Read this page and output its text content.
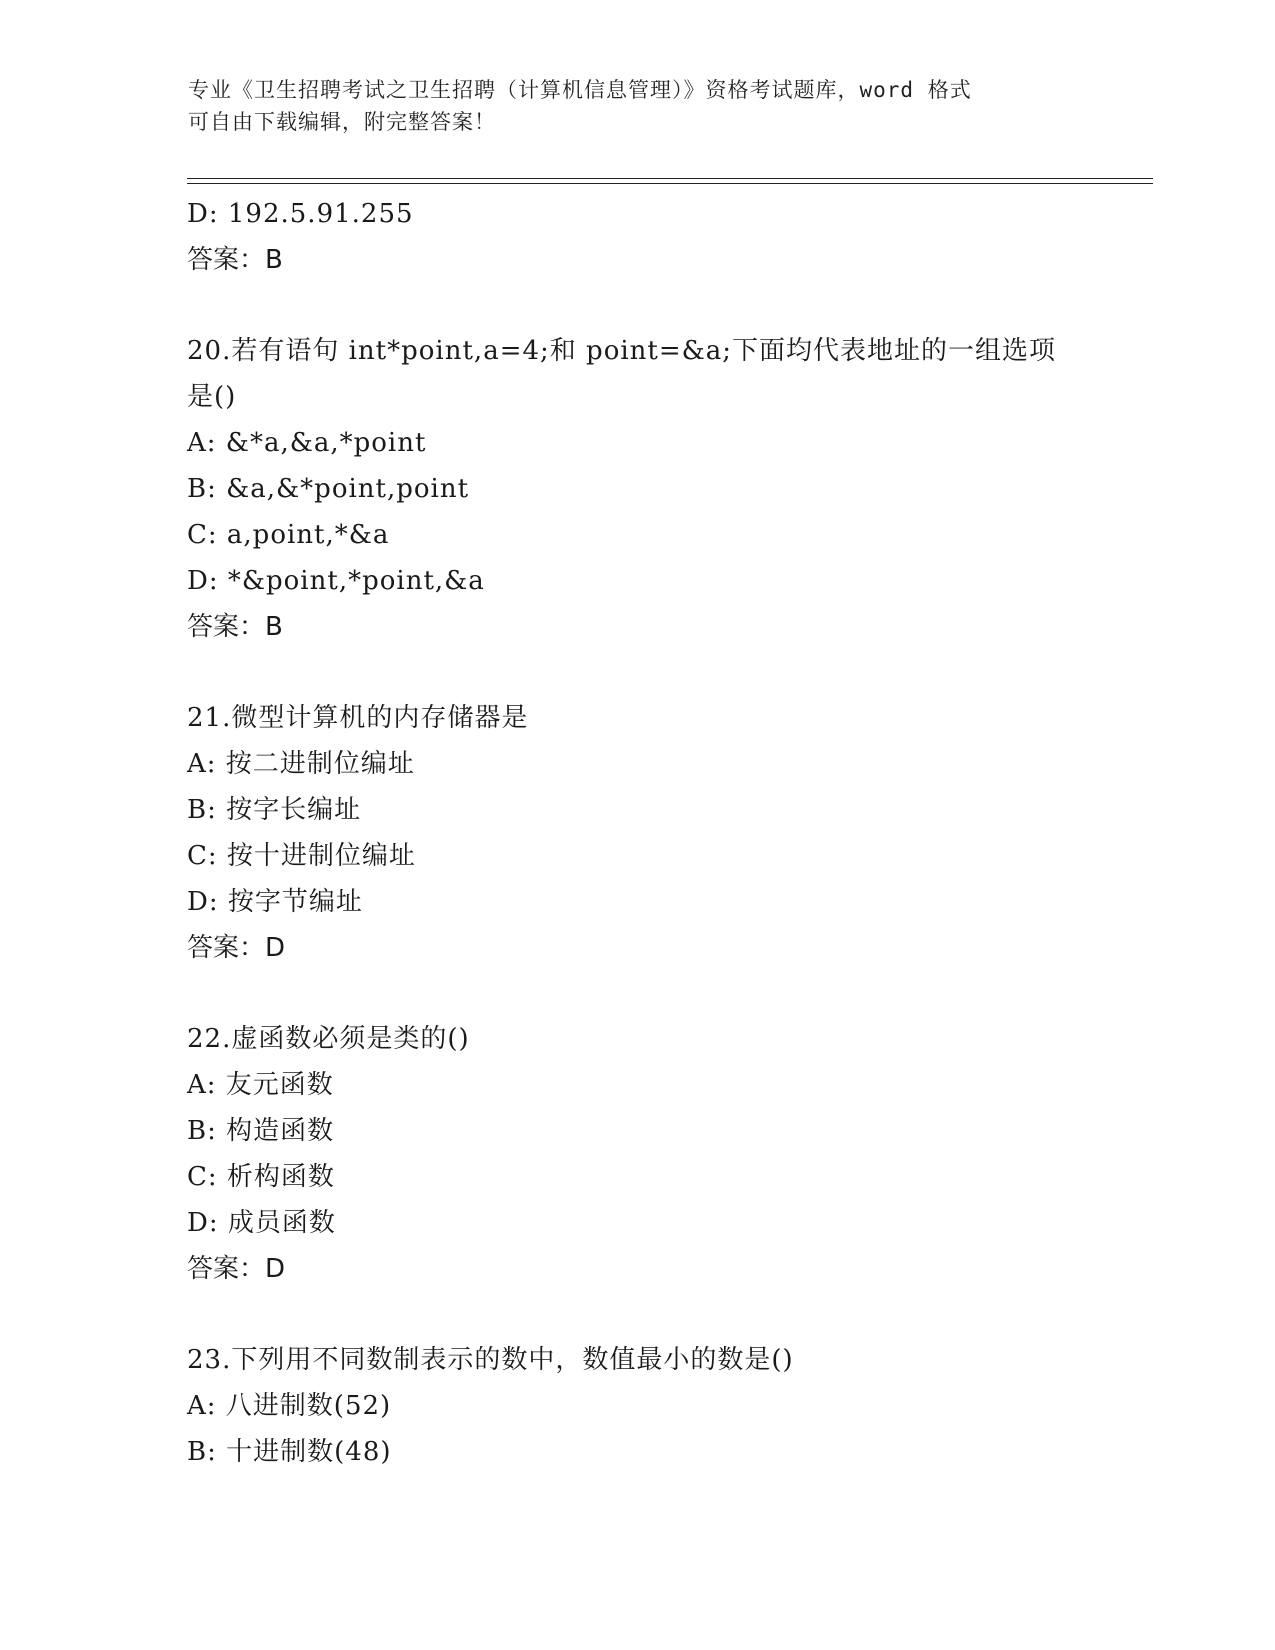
专业《卫生招聘考试之卫生招聘（计算机信息管理）》资格考试题库，word 格式
可自由下载编辑，附完整答案！
D: 192.5.91.255
答案：B
20.若有语句 int*point,a=4;和 point=&a;下面均代表地址的一组选项
是()
A: &*a,&a,*point
B: &a,&*point,point
C: a,point,*&a
D: *&point,*point,&a
答案：B
21.微型计算机的内存储器是
A: 按二进制位编址
B: 按字长编址
C: 按十进制位编址
D: 按字节编址
答案：D
22.虚函数必须是类的()
A: 友元函数
B: 构造函数
C: 析构函数
D: 成员函数
答案：D
23.下列用不同数制表示的数中，数值最小的数是()
A: 八进制数(52)
B: 十进制数(48)
